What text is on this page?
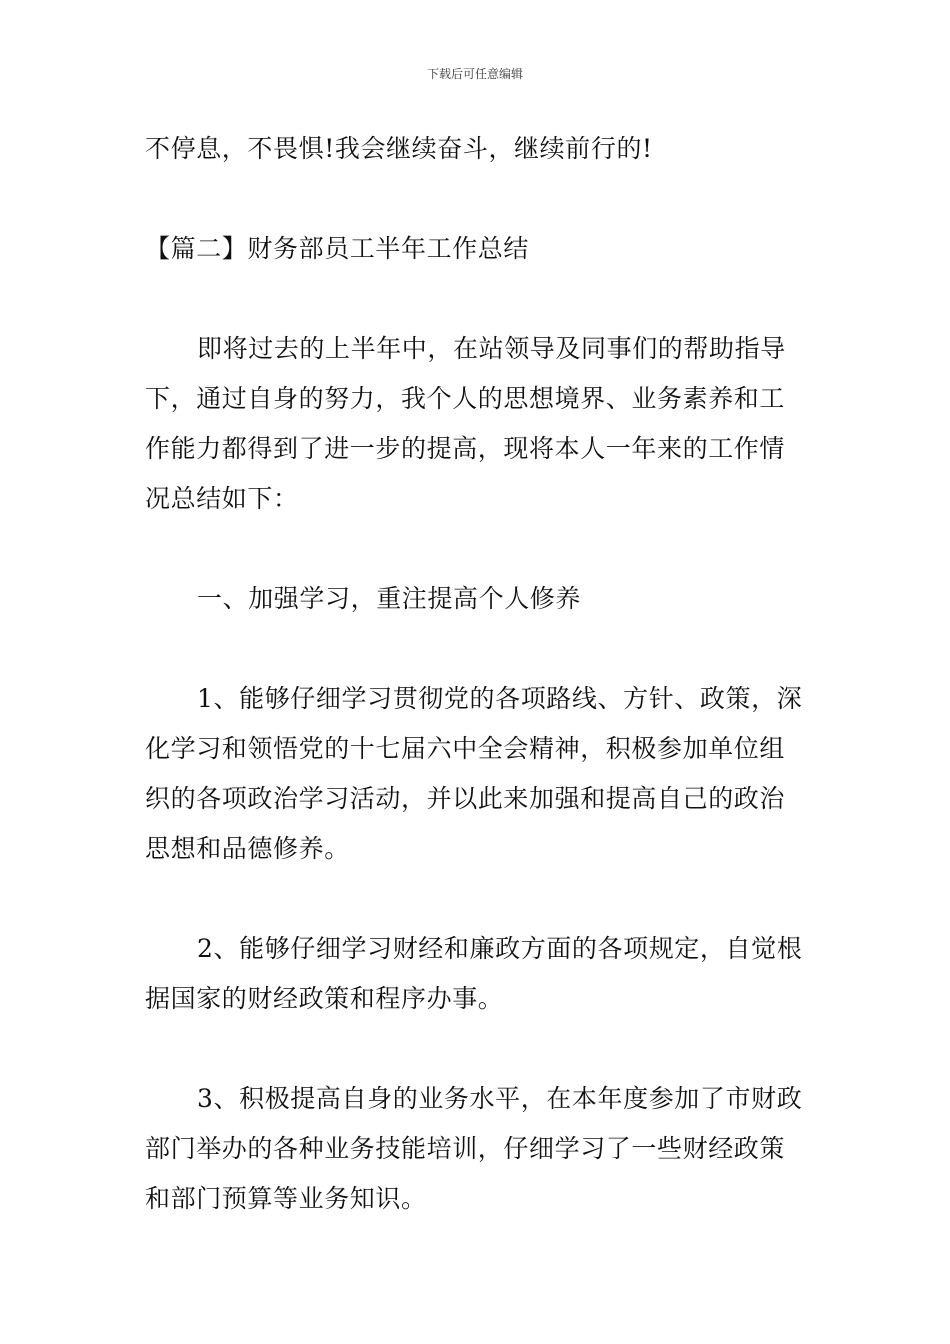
下载后可任意编辑
不停息，不畏惧!我会继续奋斗，继续前行的!
【篇二】财务部员工半年工作总结
即将过去的上半年中，在站领导及同事们的帮助指导
下，通过自身的努力，我个人的思想境界、业务素养和工
作能力都得到了进一步的提高，现将本人一年来的工作情
况总结如下：
一、加强学习，重注提高个人修养
1、能够仔细学习贯彻党的各项路线、方针、政策，深
化学习和领悟党的十七届六中全会精神，积极参加单位组
织的各项政治学习活动，并以此来加强和提高自己的政治
思想和品德修养。
2、能够仔细学习财经和廉政方面的各项规定，自觉根
据国家的财经政策和程序办事。
3、积极提高自身的业务水平，在本年度参加了市财政
部门举办的各种业务技能培训，仔细学习了一些财经政策
和部门预算等业务知识。
